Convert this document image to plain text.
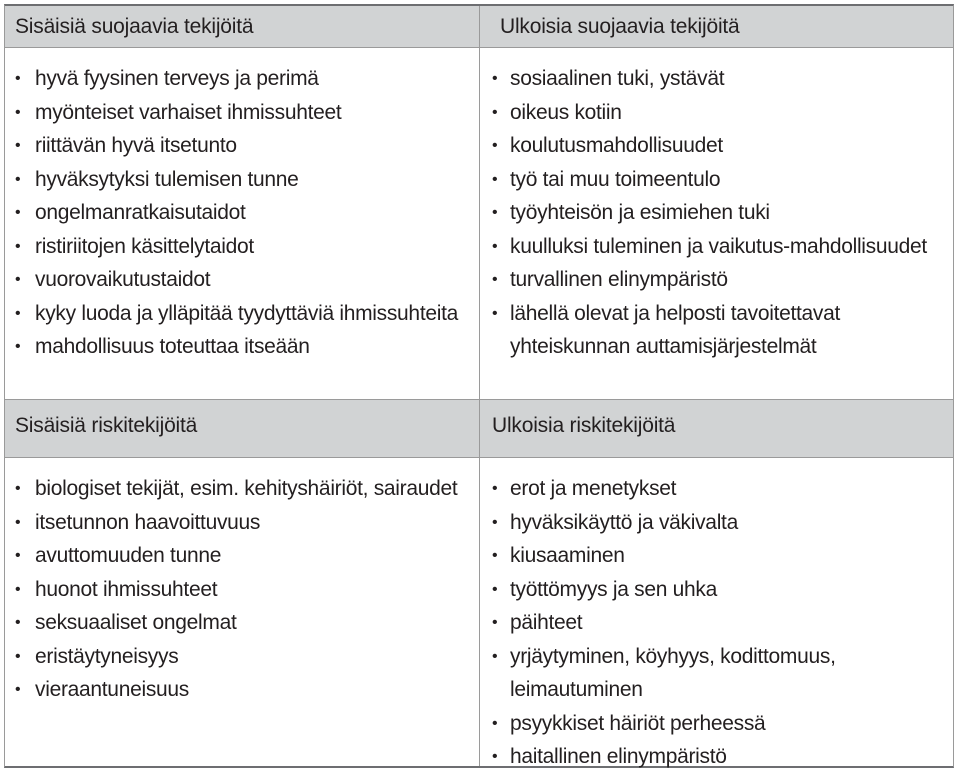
Sisäisiä suojaavia tekijöitä	Ulkoisia suojaavia tekijöitä
• hyvä fyysinen terveys ja perimä
• myönteiset varhaiset ihmissuhteet
• riittävän hyvä itsetunto
• hyväksytyksi tulemisen tunne
• ongelmanratkaisutaidot
• ristiriitojen käsittelytaidot
• vuorovaikutustaidot
• kyky luoda ja ylläpitää tyydyttäviä ihmissuhteita
• mahdollisuus toteuttaa itseään
• sosiaalinen tuki, ystävät
• oikeus kotiin
• koulutusmahdollisuudet
• työ tai muu toimeentulo
• työyhteisön ja esimiehen tuki
• kuulluksi tuleminen ja vaikutus-mahdollisuudet
• turvallinen elinympäristö
• lähellä olevat ja helposti tavoitettavat yhteiskunnan auttamisjärjestelmät
Sisäisiä riskitekijöitä	Ulkoisia riskitekijöitä
• biologiset tekijät, esim. kehityshäiriöt, sairaudet
• itsetunnon haavoittuvuus
• avuttomuuden tunne
• huonot ihmissuhteet
• seksuaaliset ongelmat
• eristäytyneisyys
• vieraantuneisuus
• erot ja menetykset
• hyväksikäyttö ja väkivalta
• kiusaaminen
• työttömyys ja sen uhka
• päihteet
• yrjäytyminen, köyhyys, kodittomuus, leimautuminen
• psyykkiset häiriöt perheessä
• haitallinen elinympäristö
